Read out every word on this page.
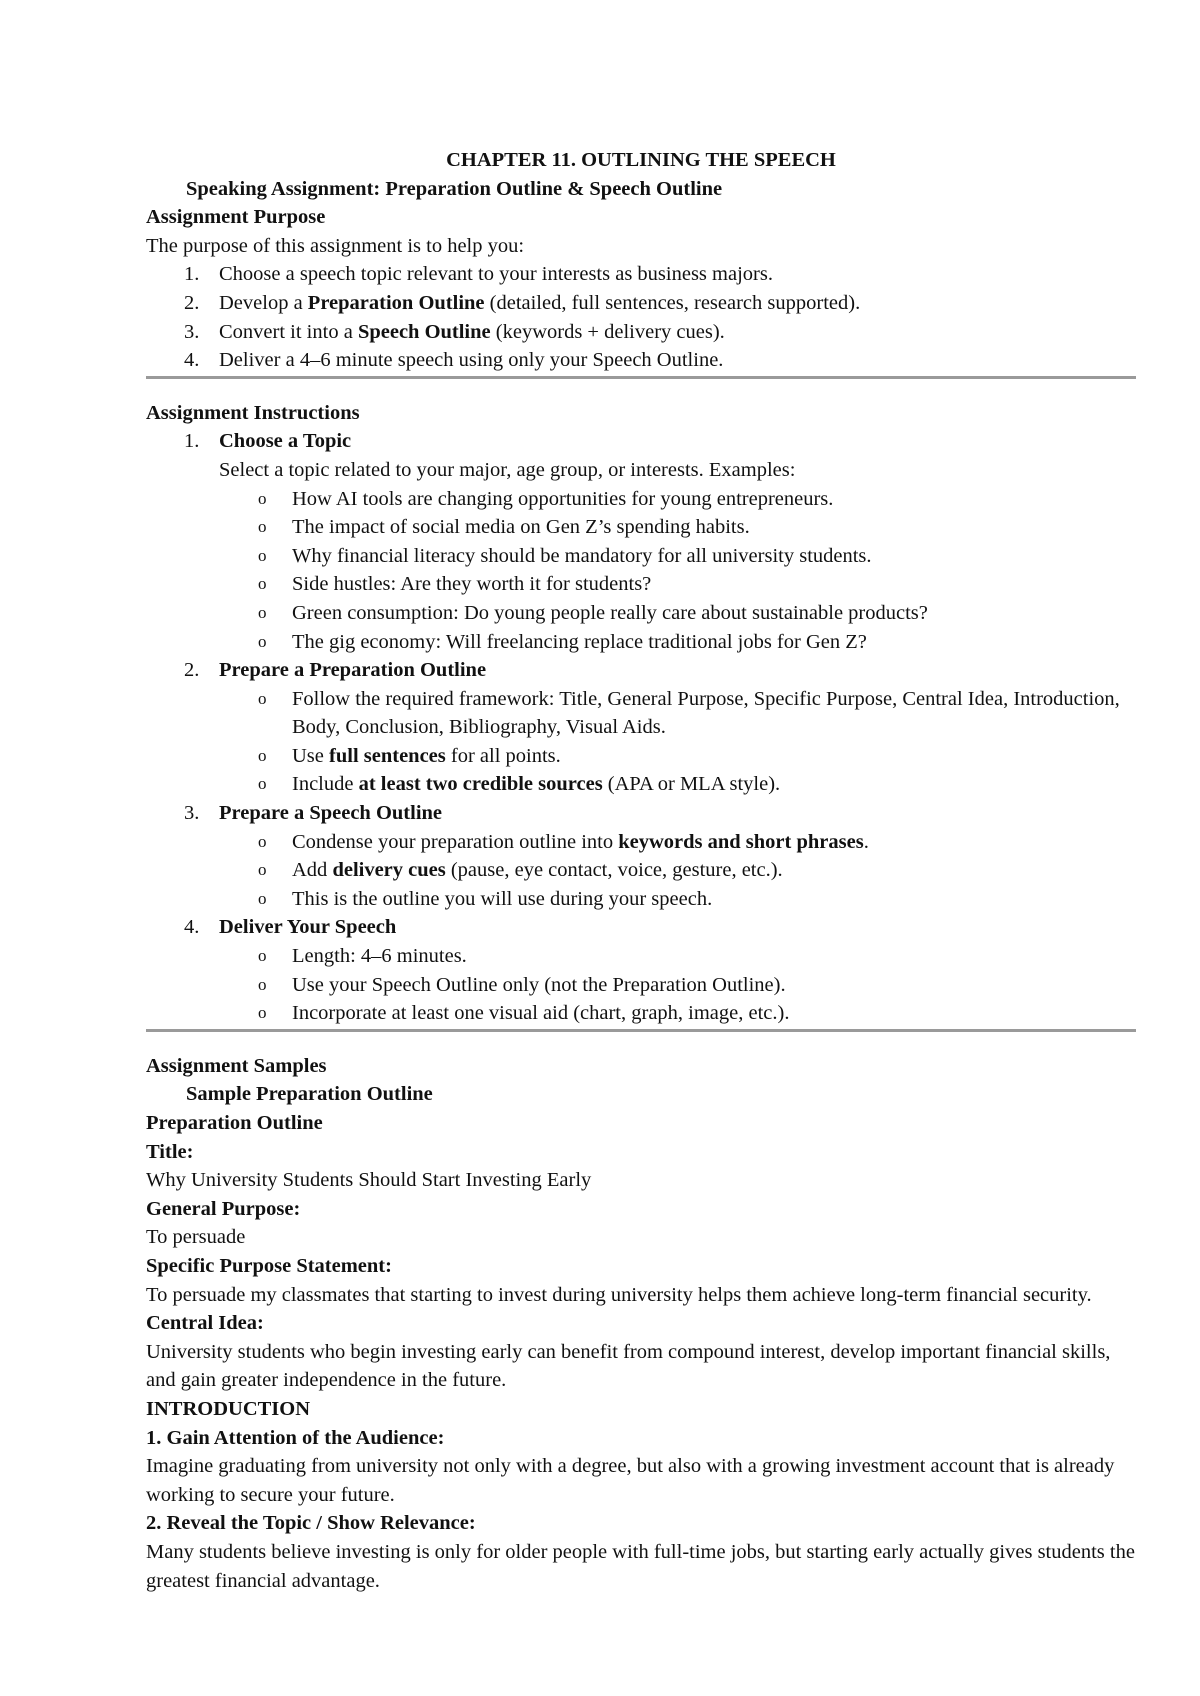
CHAPTER 11. OUTLINING THE SPEECH

Speaking Assignment: Preparation Outline & Speech Outline

Assignment Purpose

The purpose of this assignment is to help you:

1. Choose a speech topic relevant to your interests as business majors.
2. Develop a Preparation Outline (detailed, full sentences, research supported).
3. Convert it into a Speech Outline (keywords + delivery cues).
4. Deliver a 4–6 minute speech using only your Speech Outline.

Assignment Instructions

1. Choose a Topic
Select a topic related to your major, age group, or interests. Examples:
o How AI tools are changing opportunities for young entrepreneurs.
o The impact of social media on Gen Z’s spending habits.
o Why financial literacy should be mandatory for all university students.
o Side hustles: Are they worth it for students?
o Green consumption: Do young people really care about sustainable products?
o The gig economy: Will freelancing replace traditional jobs for Gen Z?
2. Prepare a Preparation Outline
o Follow the required framework: Title, General Purpose, Specific Purpose, Central Idea, Introduction, Body, Conclusion, Bibliography, Visual Aids.
o Use full sentences for all points.
o Include at least two credible sources (APA or MLA style).
3. Prepare a Speech Outline
o Condense your preparation outline into keywords and short phrases.
o Add delivery cues (pause, eye contact, voice, gesture, etc.).
o This is the outline you will use during your speech.
4. Deliver Your Speech
o Length: 4–6 minutes.
o Use your Speech Outline only (not the Preparation Outline).
o Incorporate at least one visual aid (chart, graph, image, etc.).

Assignment Samples

Sample Preparation Outline

Preparation Outline

Title:

Why University Students Should Start Investing Early

General Purpose:

To persuade

Specific Purpose Statement:

To persuade my classmates that starting to invest during university helps them achieve long-term financial security.

Central Idea:

University students who begin investing early can benefit from compound interest, develop important financial skills, and gain greater independence in the future.

INTRODUCTION

1. Gain Attention of the Audience:

Imagine graduating from university not only with a degree, but also with a growing investment account that is already working to secure your future.

2. Reveal the Topic / Show Relevance:

Many students believe investing is only for older people with full-time jobs, but starting early actually gives students the greatest financial advantage.
